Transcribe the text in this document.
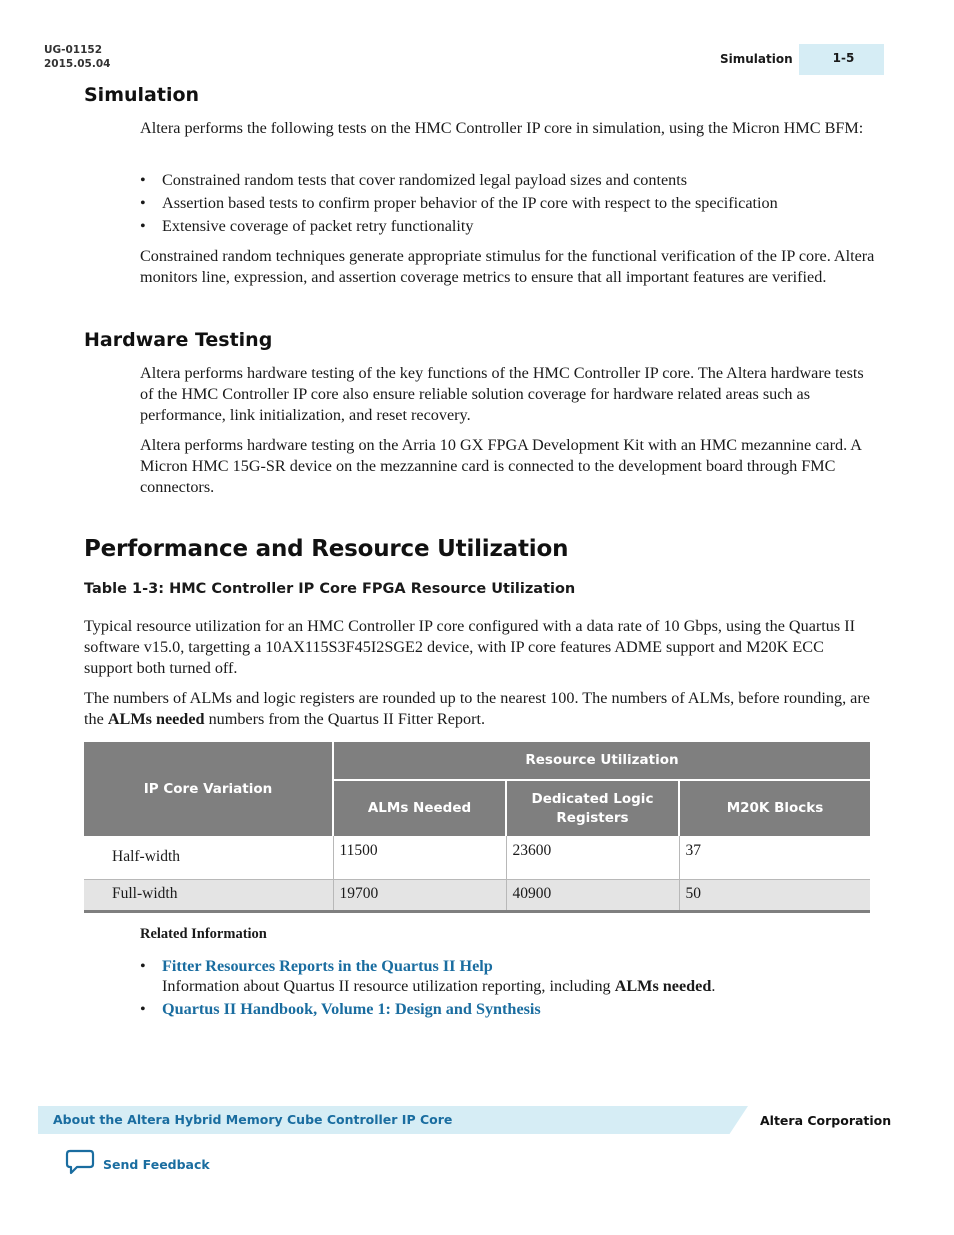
UG-01152
2015.05.04	Simulation	1-5
Simulation

Altera performs the following tests on the HMC Controller IP core in simulation, using the Micron HMC BFM:

• Constrained random tests that cover randomized legal payload sizes and contents
• Assertion based tests to confirm proper behavior of the IP core with respect to the specification
• Extensive coverage of packet retry functionality

Constrained random techniques generate appropriate stimulus for the functional verification of the IP core. Altera monitors line, expression, and assertion coverage metrics to ensure that all important features are verified.

Hardware Testing

Altera performs hardware testing of the key functions of the HMC Controller IP core. The Altera hardware tests of the HMC Controller IP core also ensure reliable solution coverage for hardware related areas such as performance, link initialization, and reset recovery.

Altera performs hardware testing on the Arria 10 GX FPGA Development Kit with an HMC mezannine card. A Micron HMC 15G-SR device on the mezzannine card is connected to the development board through FMC connectors.

Performance and Resource Utilization

Table 1-3: HMC Controller IP Core FPGA Resource Utilization

Typical resource utilization for an HMC Controller IP core configured with a data rate of 10 Gbps, using the Quartus II software v15.0, targetting a 10AX115S3F45I2SGE2 device, with IP core features ADME support and M20K ECC support both turned off.

The numbers of ALMs and logic registers are rounded up to the nearest 100. The numbers of ALMs, before rounding, are the ALMs needed numbers from the Quartus II Fitter Report.

IP Core Variation	Resource Utilization		
	ALMs Needed	Dedicated Logic Registers	M20K Blocks
Half-width	11500	23600	37
Full-width	19700	40900	50

Related Information

• Fitter Resources Reports in the Quartus II Help
Information about Quartus II resource utilization reporting, including ALMs needed.
• Quartus II Handbook, Volume 1: Design and Synthesis
About the Altera Hybrid Memory Cube Controller IP Core	Altera Corporation
Send Feedback
